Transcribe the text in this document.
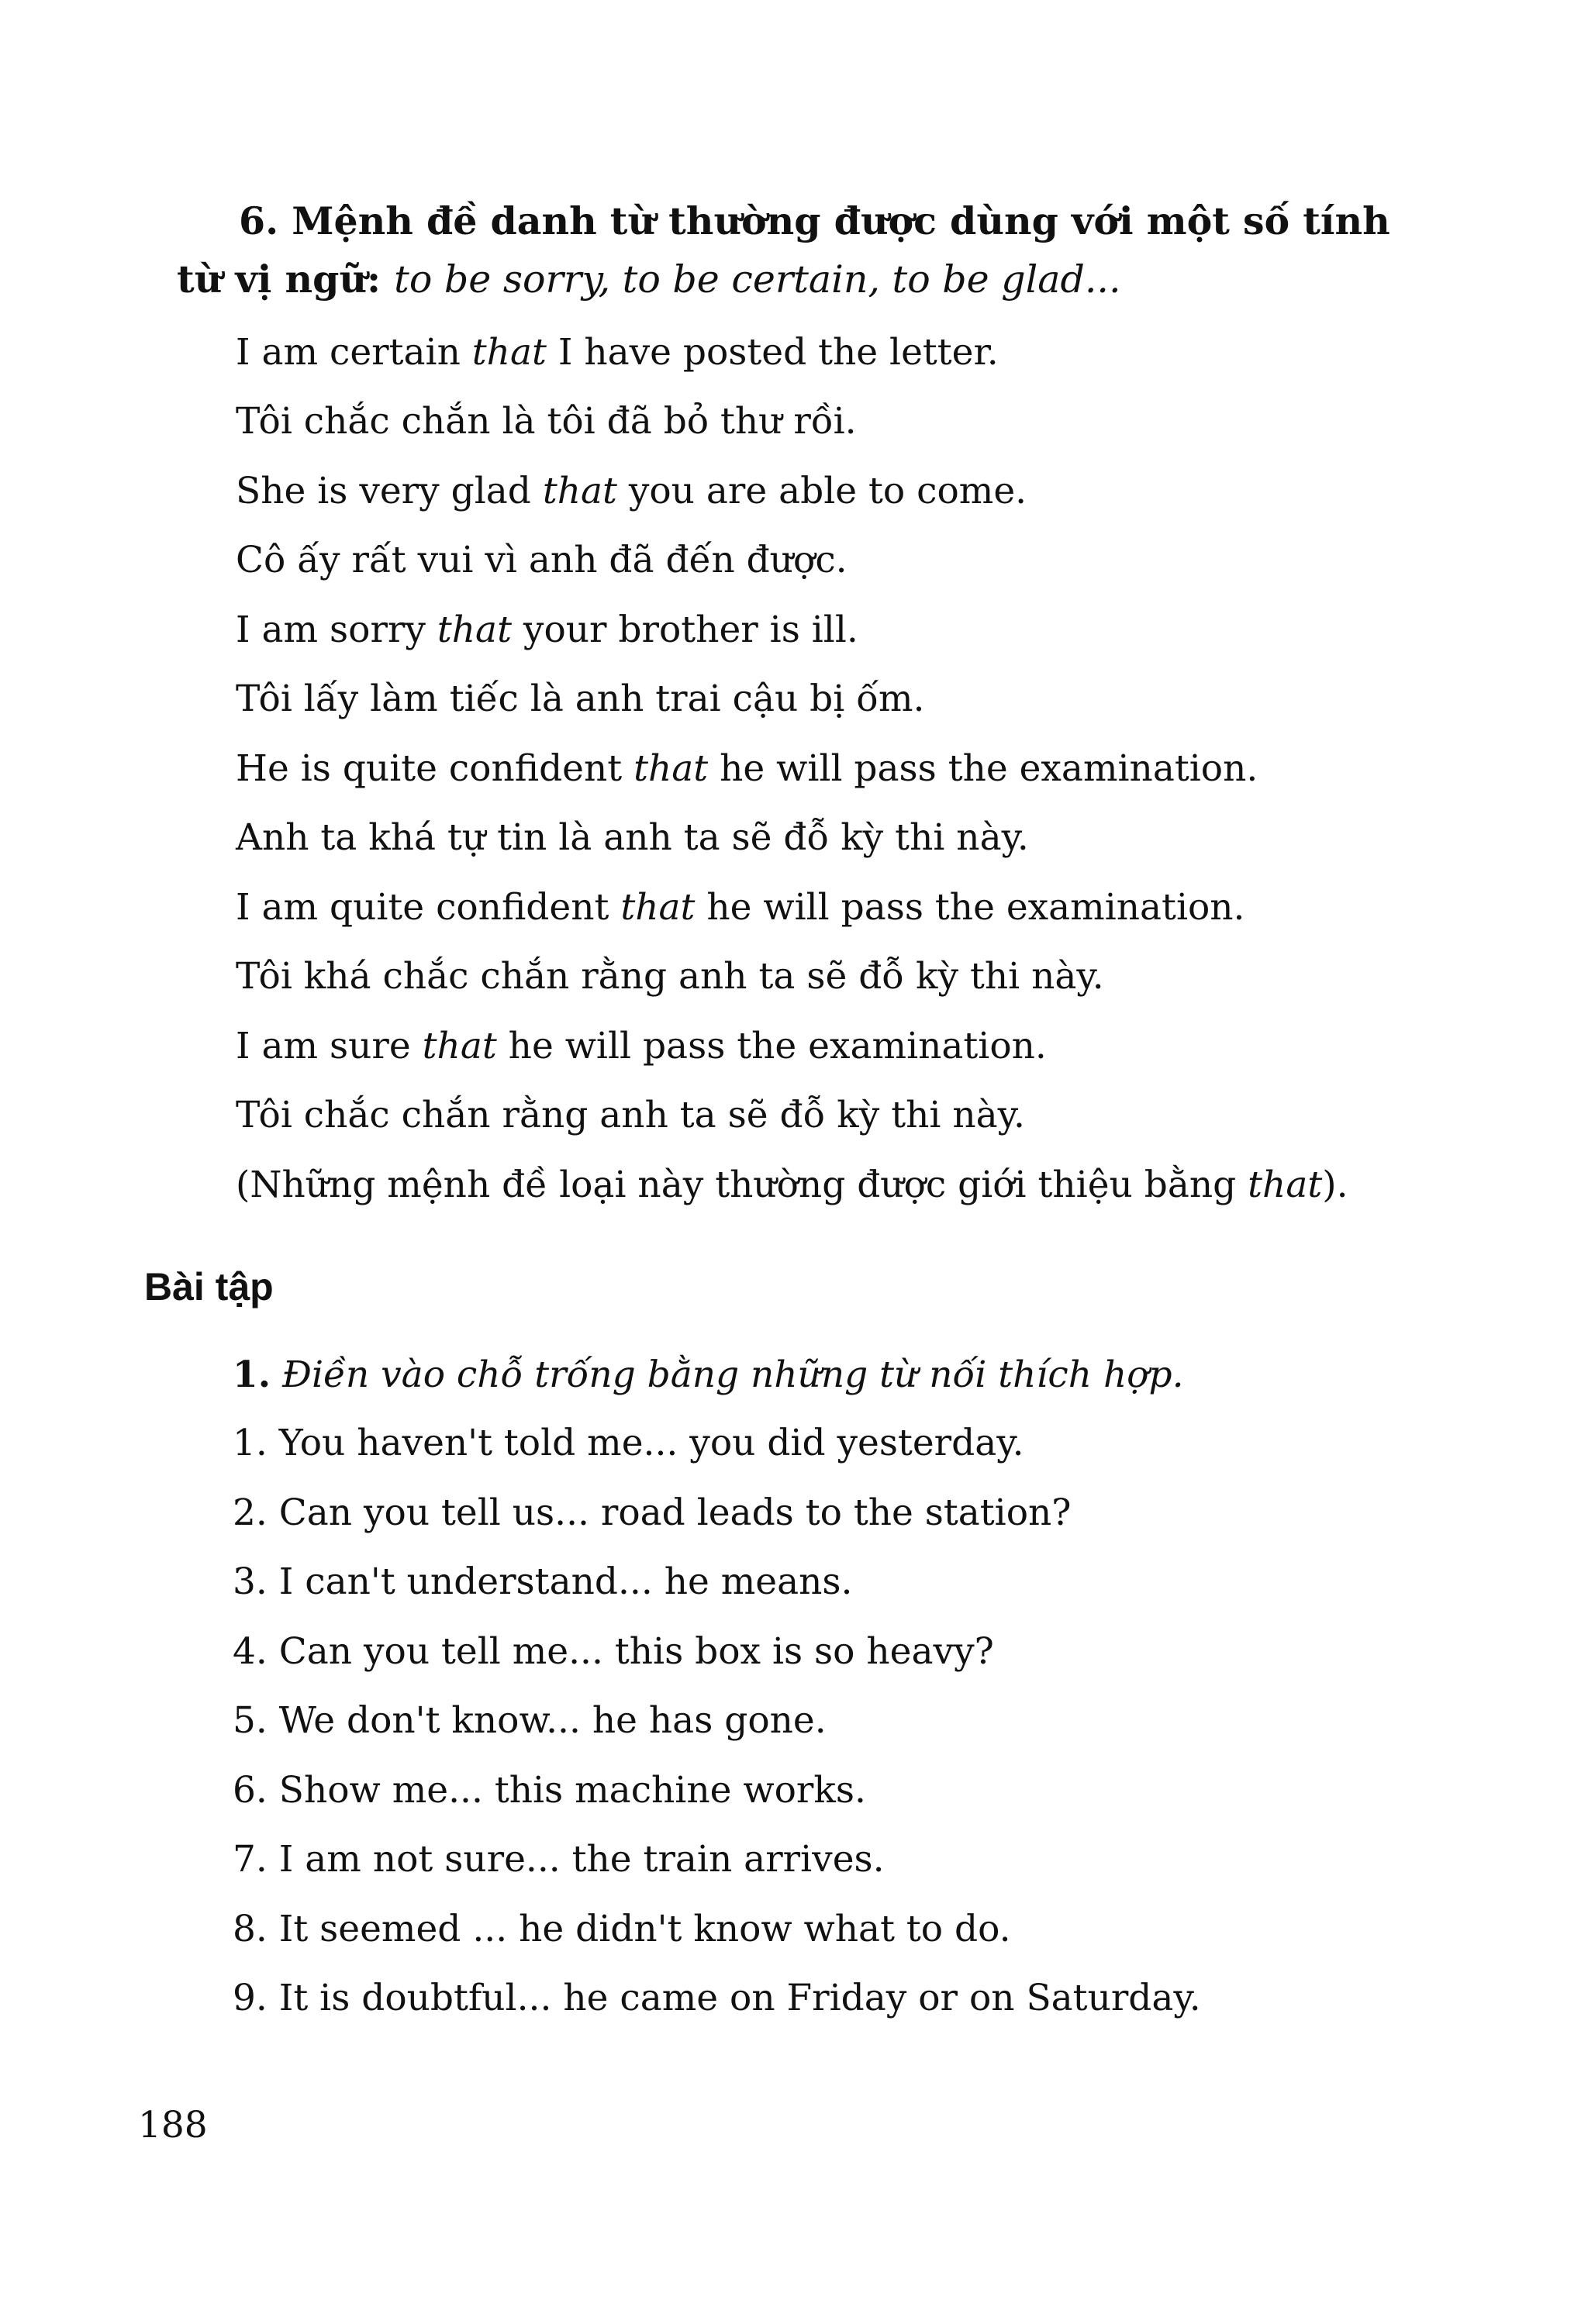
6. Mệnh đề danh từ thường được dùng với một số tính
từ vị ngữ: to be sorry, to be certain, to be glad...
I am certain that I have posted the letter.
Tôi chắc chắn là tôi đã bỏ thư rồi.
She is very glad that you are able to come.
Cô ấy rất vui vì anh đã đến được.
I am sorry that your brother is ill.
Tôi lấy làm tiếc là anh trai cậu bị ốm.
He is quite confident that he will pass the examination.
Anh ta khá tự tin là anh ta sẽ đỗ kỳ thi này.
I am quite confident that he will pass the examination.
Tôi khá chắc chắn rằng anh ta sẽ đỗ kỳ thi này.
I am sure that he will pass the examination.
Tôi chắc chắn rằng anh ta sẽ đỗ kỳ thi này.
(Những mệnh đề loại này thường được giới thiệu bằng that).
Bài tập
1. Điền vào chỗ trống bằng những từ nối thích hợp.
1. You haven't told me... you did yesterday.
2. Can you tell us... road leads to the station?
3. I can't understand... he means.
4. Can you tell me... this box is so heavy?
5. We don't know... he has gone.
6. Show me... this machine works.
7. I am not sure... the train arrives.
8. It seemed ... he didn't know what to do.
9. It is doubtful... he came on Friday or on Saturday.
188
